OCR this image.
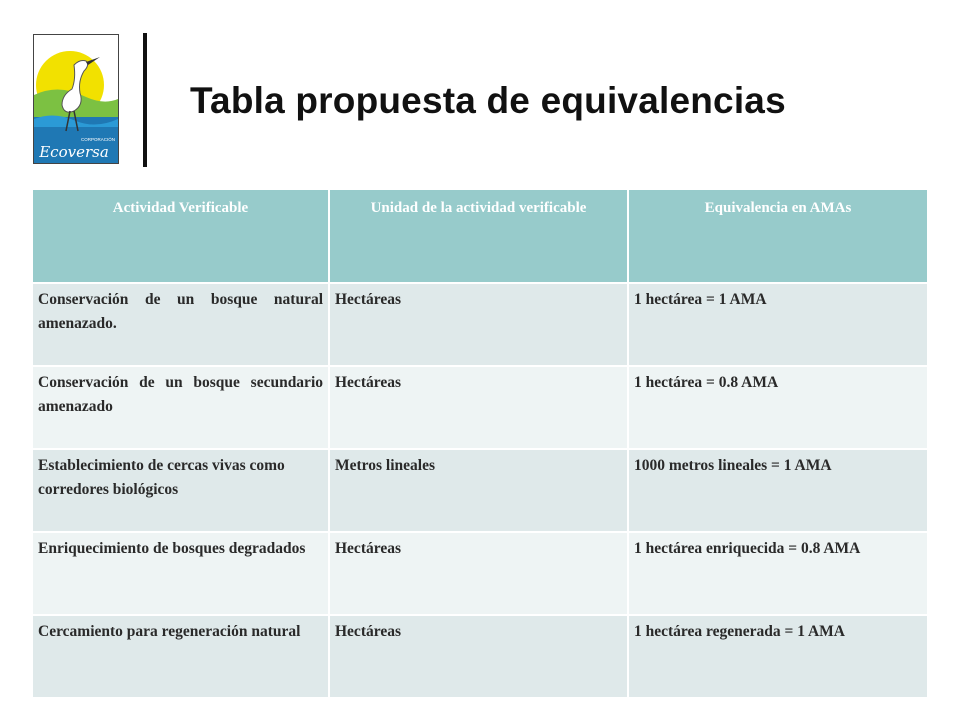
CORPORACIÓN
Ecoversa
Tabla propuesta de equivalencias
Actividad Verificable	Unidad de la actividad verificable	Equivalencia en AMAs
Conservación de un bosque natural amenazado.	Hectáreas	1 hectárea = 1 AMA
Conservación de un bosque secundario amenazado	Hectáreas	1 hectárea = 0.8 AMA
Establecimiento de cercas vivas como corredores biológicos	Metros lineales	1000 metros lineales = 1 AMA
Enriquecimiento de bosques degradados	Hectáreas	1 hectárea enriquecida = 0.8 AMA
Cercamiento para regeneración natural	Hectáreas	1 hectárea regenerada = 1 AMA
